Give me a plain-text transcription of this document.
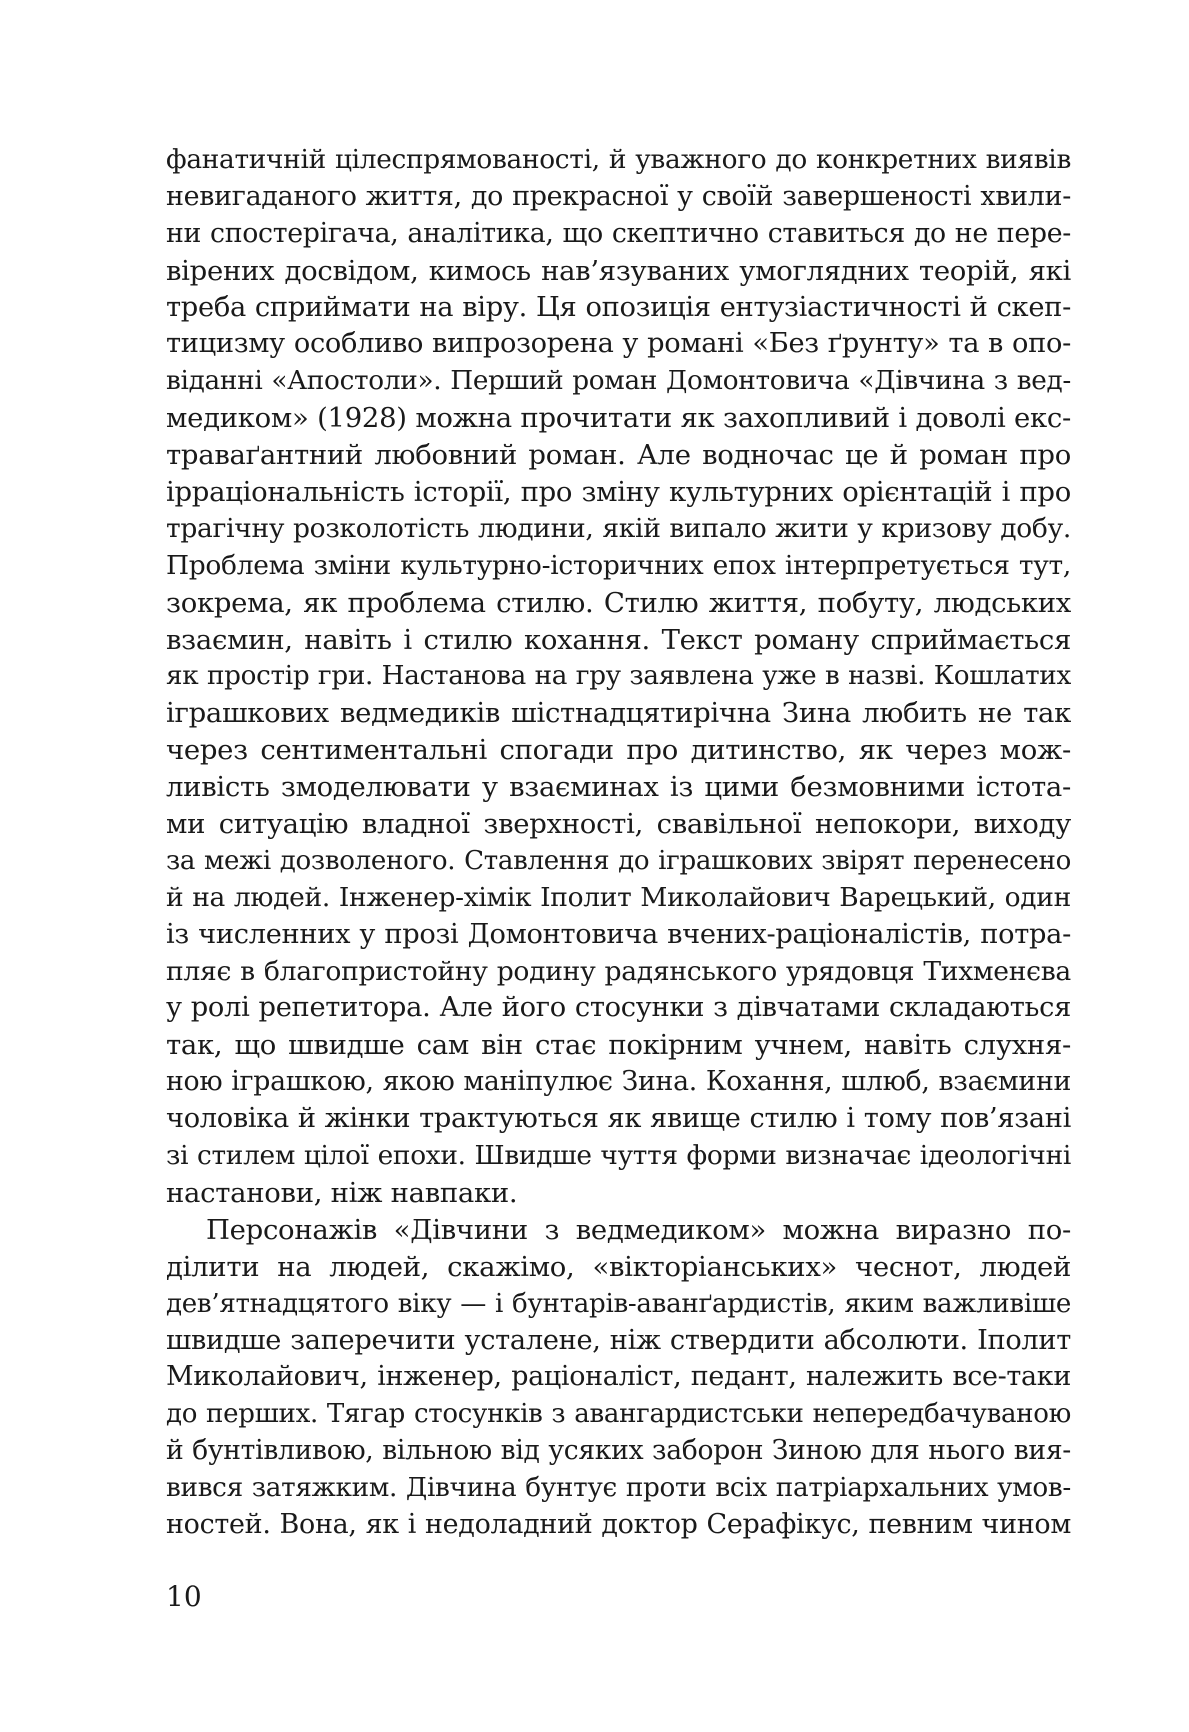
фанатичній цілеспрямованості, й уважного до конкретних виявів
невигаданого життя, до прекрасної у своїй завершеності хвили-
ни спостерігача, аналітика, що скептично ставиться до не пере-
вірених досвідом, кимось нав’язуваних умоглядних теорій, які
треба сприймати на віру. Ця опозиція ентузіастичності й скеп-
тицизму особливо випрозорена у романі «Без ґрунту» та в опо-
віданні «Апостоли». Перший роман Домонтовича «Дівчина з вед-
медиком» (1928) можна прочитати як захопливий і доволі екс-
траваґантний любовний роман. Але водночас це й роман про
ірраціональність історії, про зміну культурних орієнтацій і про
трагічну розколотість людини, якій випало жити у кризову добу.
Проблема зміни культурно-історичних епох інтерпретується тут,
зокрема, як проблема стилю. Стилю життя, побуту, людських
взаємин, навіть і стилю кохання. Текст роману сприймається
як простір гри. Настанова на гру заявлена уже в назві. Кошлатих
іграшкових ведмедиків шістнадцятирічна Зина любить не так
через сентиментальні спогади про дитинство, як через мож-
ливість змоделювати у взаєминах із цими безмовними істота-
ми ситуацію владної зверхності, свавільної непокори, виходу
за межі дозволеного. Ставлення до іграшкових звірят перенесено
й на людей. Інженер-хімік Іполит Миколайович Варецький, один
із численних у прозі Домонтовича вчених-раціоналістів, потра-
пляє в благопристойну родину радянського урядовця Тихменєва
у ролі репетитора. Але його стосунки з дівчатами складаються
так, що швидше сам він стає покірним учнем, навіть слухня-
ною іграшкою, якою маніпулює Зина. Кохання, шлюб, взаємини
чоловіка й жінки трактуються як явище стилю і тому пов’язані
зі стилем цілої епохи. Швидше чуття форми визначає ідеологічні
настанови, ніж навпаки.
Персонажів «Дівчини з ведмедиком» можна виразно по-
ділити на людей, скажімо, «вікторіанських» чеснот, людей
дев’ятнадцятого віку — і бунтарів-аванґардистів, яким важливіше
швидше заперечити усталене, ніж ствердити абсолюти. Іполит
Миколайович, інженер, раціоналіст, педант, належить все-таки
до перших. Тягар стосунків з авангардистськи непередбачуваною
й бунтівливою, вільною від усяких заборон Зиною для нього вия-
вився затяжким. Дівчина бунтує проти всіх патріархальних умов-
ностей. Вона, як і недоладний доктор Серафікус, певним чином
10
